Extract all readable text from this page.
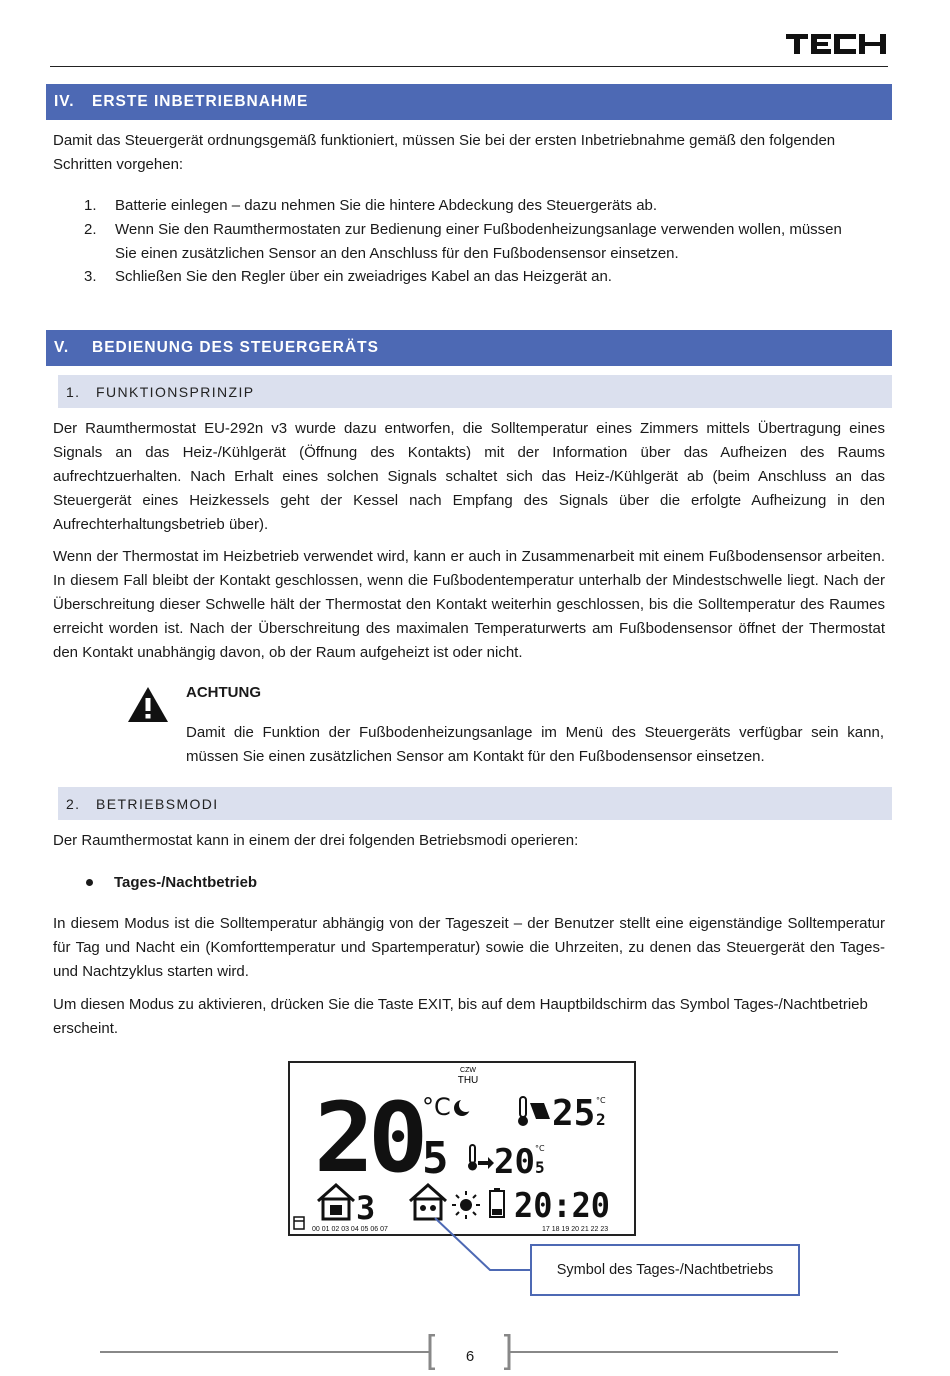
IV.	ERSTE INBETRIEBNAHME
Damit das Steuergerät ordnungsgemäß funktioniert, müssen Sie bei der ersten Inbetriebnahme gemäß den folgenden
Schritten vorgehen:
1.	Batterie einlegen – dazu nehmen Sie die hintere Abdeckung des Steuergeräts ab.
2.	Wenn Sie den Raumthermostaten zur Bedienung einer Fußbodenheizungsanlage verwenden wollen, müssen
Sie einen zusätzlichen Sensor an den Anschluss für den Fußbodensensor einsetzen.
3.	Schließen Sie den Regler über ein zweiadriges Kabel an das Heizgerät an.
V.	BEDIENUNG DES STEUERGERÄTS
1.	FUNKTIONSPRINZIP
Der Raumthermostat EU-292n v3 wurde dazu entworfen, die Solltemperatur eines Zimmers mittels Übertragung eines Signals an das Heiz-/Kühlgerät (Öffnung des Kontakts) mit der Information über das Aufheizen des Raums aufrechtzuerhalten. Nach Erhalt eines solchen Signals schaltet sich das Heiz-/Kühlgerät ab (beim Anschluss an das Steuergerät eines Heizkessels geht der Kessel nach Empfang des Signals über die erfolgte Aufheizung in den Aufrechterhaltungsbetrieb über).
Wenn der Thermostat im Heizbetrieb verwendet wird, kann er auch in Zusammenarbeit mit einem Fußbodensensor arbeiten. In diesem Fall bleibt der Kontakt geschlossen, wenn die Fußbodentemperatur unterhalb der Mindestschwelle liegt. Nach der Überschreitung dieser Schwelle hält der Thermostat den Kontakt weiterhin geschlossen, bis die Solltemperatur des Raumes erreicht worden ist. Nach der Überschreitung des maximalen Temperaturwerts am Fußbodensensor öffnet der Thermostat den Kontakt unabhängig davon, ob der Raum aufgeheizt ist oder nicht.
ACHTUNG
Damit die Funktion der Fußbodenheizungsanlage im Menü des Steuergeräts verfügbar sein kann, müssen Sie einen zusätzlichen Sensor am Kontakt für den Fußbodensensor einsetzen.
2.	BETRIEBSMODI
Der Raumthermostat kann in einem der drei folgenden Betriebsmodi operieren:
Tages-/Nachtbetrieb
In diesem Modus ist die Solltemperatur abhängig von der Tageszeit – der Benutzer stellt eine eigenständige Solltemperatur für Tag und Nacht ein (Komforttemperatur und Spartemperatur) sowie die Uhrzeiten, zu denen das Steuergerät den Tages- und Nachtzyklus starten wird.
Um diesen Modus zu aktivieren, drücken Sie die Taste EXIT, bis auf dem Hauptbildschirm das Symbol Tages-/Nachtbetrieb erscheint.
CZW
THU
20
5
°C	25 2
°C
20 5
°C
3	20:20
00 01 02 03 04 05 06 07	17 18 19 20 21 22 23
Symbol des Tages-/Nachtbetriebs
6
